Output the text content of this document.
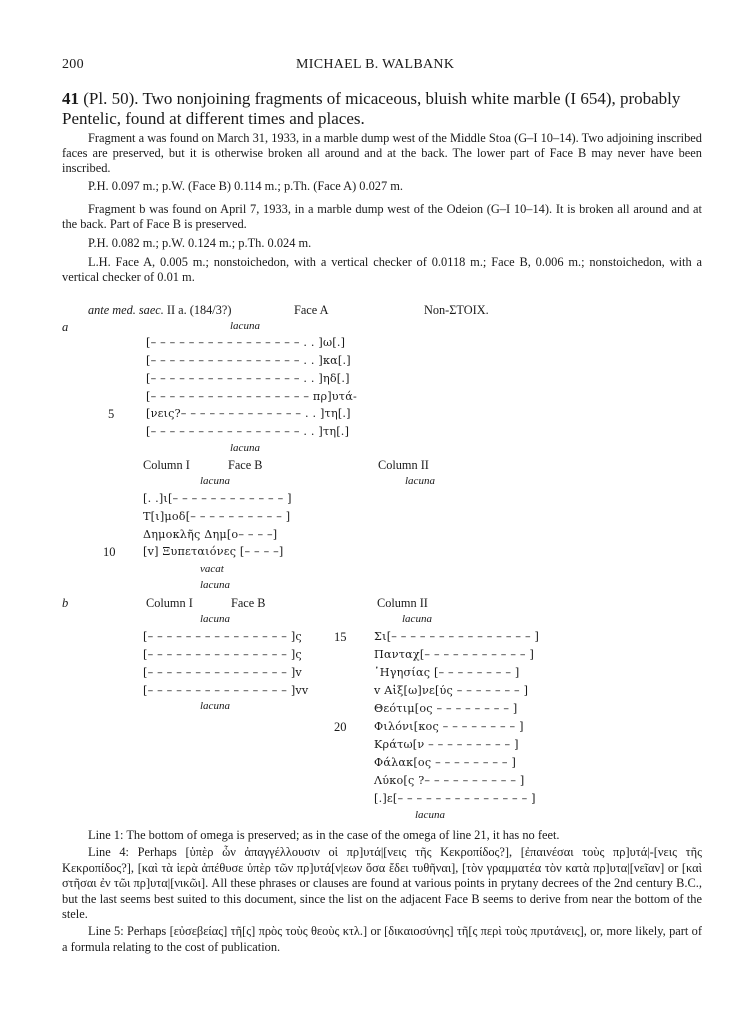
200	MICHAEL B. WALBANK
41 (Pl. 50). Two nonjoining fragments of micaceous, bluish white marble (I 654), probably Pentelic, found at different times and places.
Fragment a was found on March 31, 1933, in a marble dump west of the Middle Stoa (G–I 10–14). Two adjoining inscribed faces are preserved, but it is otherwise broken all around and at the back. The lower part of Face B may never have been inscribed.
P.H. 0.097 m.; p.W. (Face B) 0.114 m.; p.Th. (Face A) 0.027 m.
Fragment b was found on April 7, 1933, in a marble dump west of the Odeion (G–I 10–14). It is broken all around and at the back. Part of Face B is preserved.
P.H. 0.082 m.; p.W. 0.124 m.; p.Th. 0.024 m.
L.H. Face A, 0.005 m.; nonstoichedon, with a vertical checker of 0.0118 m.; Face B, 0.006 m.; nonstoichedon, with a vertical checker of 0.01 m.
ante med. saec. II a. (184/3?)	Face A	Non-ΣΤΟΙΧ.
a	lacuna
[– – – – – – – – – – – – – – – – . . ]ω[.]
[– – – – – – – – – – – – – – – – . . ]κα[.]
[– – – – – – – – – – – – – – – – . . ]ηδ[.]
[– – – – – – – – – – – – – – – – – πρ]υτά-
5	[νεις?– – – – – – – – – – – – – . . ]τη[.]
[– – – – – – – – – – – – – – – – . . ]τη[.]
lacuna
Column I	Face B	Column II
lacuna	lacuna
[. .]ι[– – – – – – – – – – – – ]
Τ[ι]μοδ[– – – – – – – – – – ]
Δημοκλῆς Δημ[ο– – – –]
10 [v] Ξυπεταιόνες [– – – –]
vacat
lacuna
b	Column I	Face B	Column II
lacuna	lacuna
[– – – – – – – – – – – – – – – ]ς
[– – – – – – – – – – – – – – – ]ς
[– – – – – – – – – – – – – – – ]v
[– – – – – – – – – – – – – – – ]vv
lacuna
15 Σι[– – – – – – – – – – – – – – – ]
Πανταχ[– – – – – – – – – – – ]
῾Ηγησίας [– – – – – – – – ]
v Αἰξ[ω]νε[ύς – – – – – – – ]
Θεότιμ[ος – – – – – – – – ]
20 Φιλόνι[κος – – – – – – – – ]
Κράτω[ν – – – – – – – – – ]
Φάλακ[ος – – – – – – – – ]
Λύκο[ς ?– – – – – – – – – – ]
[.]ε[– – – – – – – – – – – – – – ]
lacuna
Line 1: The bottom of omega is preserved; as in the case of the omega of line 21, it has no feet.
Line 4: Perhaps [ὑπὲρ ὧν ἀπαγγέλλουσιν οἱ πρ]υτά|[νεις τῆς Κεκροπίδος?], [ἐπαινέσαι τοὺς πρ]υτά|-[νεις τῆς Κεκροπίδος?], [καὶ τὰ ἱερὰ ἀπέθυσε ὑπὲρ τῶν πρ]υτά[ν|εων ὅσα ἔδει τυθῆναι], [τὸν γραμματέα τὸν κατὰ πρ]υτα|[νεῖαν] or [καὶ στῆσαι ἐν τῶι πρ]υτα|[νικῶι]. All these phrases or clauses are found at various points in prytany decrees of the 2nd century B.C., but the last seems best suited to this document, since the list on the adjacent Face B seems to derive from near the bottom of the stele.
Line 5: Perhaps [εὐσεβείας] τῆ[ς] πρὸς τοὺς θεοὺς κτλ.] or [δικαιοσύνης] τῆ[ς περὶ τοὺς πρυτάνεις], or, more likely, part of a formula relating to the cost of publication.
